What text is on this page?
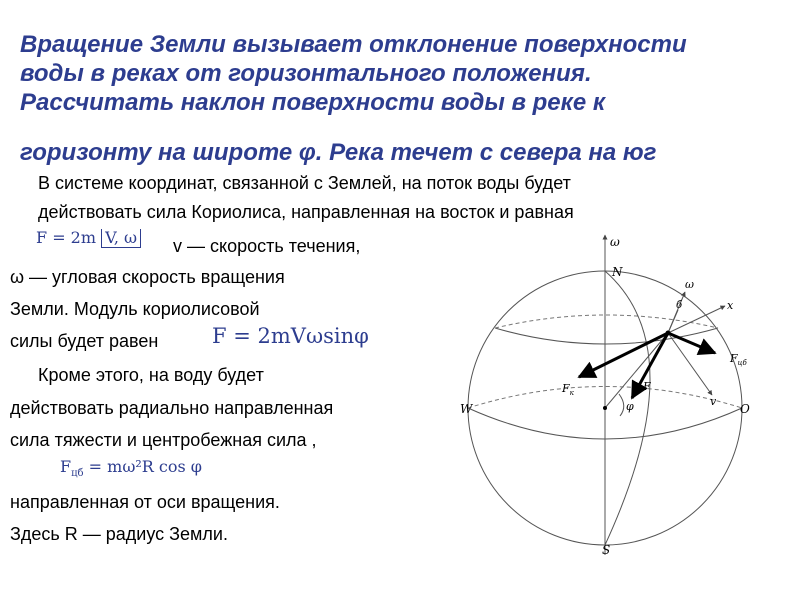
Вращение Земли вызывает отклонение поверхности
воды в реках от горизонтального положения.
Рассчитать наклон поверхности воды в реке к
горизонту на широте φ. Река течет с севера на юг
В системе координат, связанной с Землей, на поток воды будет
действовать сила Кориолиса, направленная на восток и равная
F = 2m V, ω v — скорость течения,
ω — угловая скорость вращения
Земли. Модуль кориолисовой
силы будет равен	F = 2mVωsinφ
Кроме этого, на воду будет
действовать радиально направленная
сила тяжести и центробежная сила ,
$F_{цб} = m\omega^2R$ cos φ
направленная от оси вращения.
Здесь R — радиус Земли.
ω
N
S
W	O
ω
б	x
$F_к$	F
$F_{цб}$
φ	v
